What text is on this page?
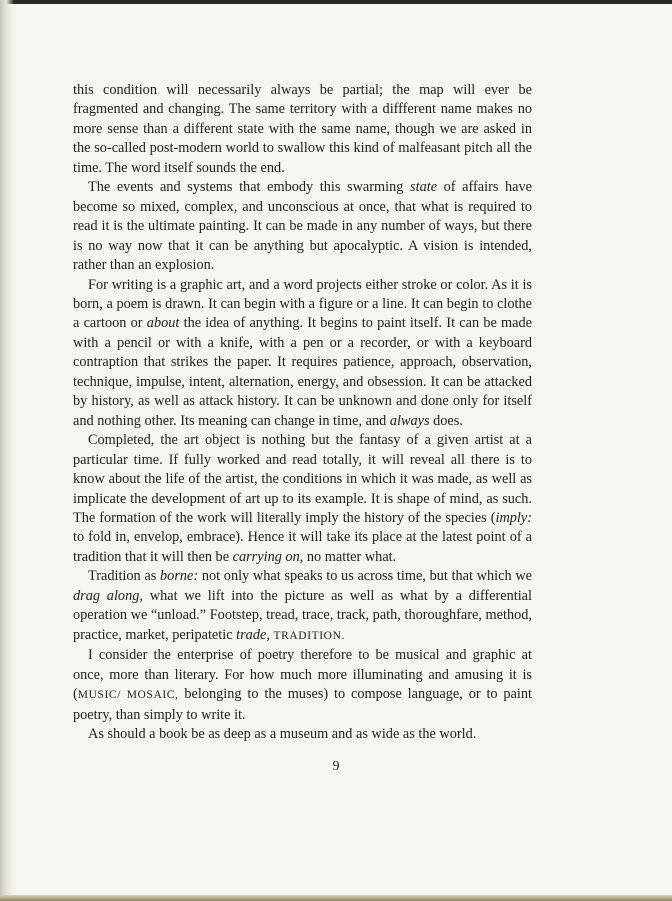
this condition will necessarily always be partial; the map will ever be fragmented and changing. The same territory with a diffferent name makes no more sense than a different state with the same name, though we are asked in the so-called post-modern world to swallow this kind of malfeasant pitch all the time. The word itself sounds the end.

The events and systems that embody this swarming state of affairs have become so mixed, complex, and unconscious at once, that what is required to read it is the ultimate painting. It can be made in any number of ways, but there is no way now that it can be anything but apocalyptic. A vision is intended, rather than an explosion.

For writing is a graphic art, and a word projects either stroke or color. As it is born, a poem is drawn. It can begin with a figure or a line. It can begin to clothe a cartoon or about the idea of anything. It begins to paint itself. It can be made with a pencil or with a knife, with a pen or a recorder, or with a keyboard contraption that strikes the paper. It requires patience, approach, observation, technique, impulse, intent, alternation, energy, and obsession. It can be attacked by history, as well as attack history. It can be unknown and done only for itself and nothing other. Its meaning can change in time, and always does.

Completed, the art object is nothing but the fantasy of a given artist at a particular time. If fully worked and read totally, it will reveal all there is to know about the life of the artist, the conditions in which it was made, as well as implicate the development of art up to its example. It is shape of mind, as such. The formation of the work will literally imply the history of the species (imply: to fold in, envelop, embrace). Hence it will take its place at the latest point of a tradition that it will then be carrying on, no matter what.

Tradition as borne: not only what speaks to us across time, but that which we drag along, what we lift into the picture as well as what by a differential operation we “unload.” Footstep, tread, trace, track, path, thoroughfare, method, practice, market, peripatetic trade, TRADITION.

I consider the enterprise of poetry therefore to be musical and graphic at once, more than literary. For how much more illuminating and amusing it is (MUSIC/ MOSAIC, belonging to the muses) to compose language, or to paint poetry, than simply to write it.

As should a book be as deep as a museum and as wide as the world.

9
